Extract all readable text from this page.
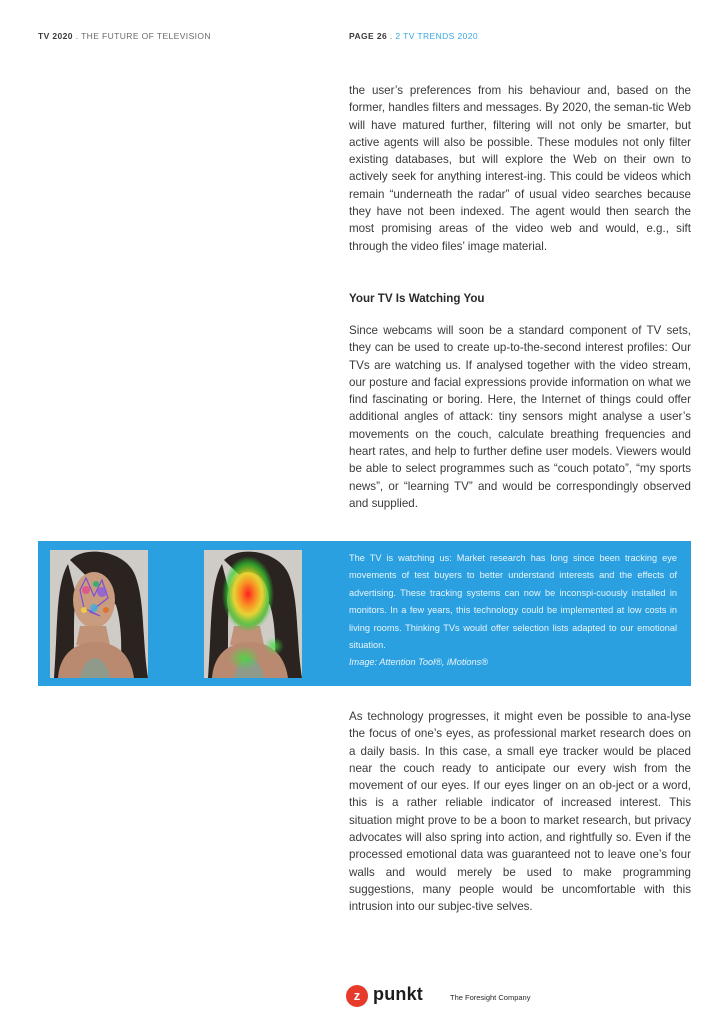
TV 2020 . THE FUTURE OF TELEVISION	PAGE 26 . 2 TV TRENDS 2020

the user’s preferences from his behaviour and, based on the former, handles filters and messages. By 2020, the seman-tic Web will have matured further, filtering will not only be smarter, but active agents will also be possible. These modules not only filter existing databases, but will explore the Web on their own to actively seek for anything interest-ing. This could be videos which remain “underneath the radar” of usual video searches because they have not been indexed. The agent would then search the most promising areas of the video web and would, e.g., sift through the video files’ image material.

Your TV Is Watching You

Since webcams will soon be a standard component of TV sets, they can be used to create up-to-the-second interest profiles: Our TVs are watching us. If analysed together with the video stream, our posture and facial expressions provide information on what we find fascinating or boring. Here, the Internet of things could offer additional angles of attack: tiny sensors might analyse a user’s movements on the couch, calculate breathing frequencies and heart rates, and help to further define user models. Viewers would be able to select programmes such as “couch potato”, “my sports news”, or “learning TV” and would be correspondingly observed and supplied.

The TV is watching us: Market research has long since been tracking eye movements of test buyers to better understand interests and the effects of advertising. These tracking systems can now be inconspi-cuously installed in monitors. In a few years, this technology could be implemented at low costs in living rooms. Thinking TVs would offer selection lists adapted to our emotional situation.
Image: Attention Tool®, iMotions®

As technology progresses, it might even be possible to ana-lyse the focus of one’s eyes, as professional market research does on a daily basis. In this case, a small eye tracker would be placed near the couch ready to anticipate our every wish from the movement of our eyes. If our eyes linger on an ob-ject or a word, this is a rather reliable indicator of increased interest. This situation might prove to be a boon to market research, but privacy advocates will also spring into action, and rightfully so. Even if the processed emotional data was guaranteed not to leave one’s four walls and would merely be used to make programming suggestions, many people would be uncomfortable with this intrusion into our subjec-tive selves.

z punkt	The Foresight Company
